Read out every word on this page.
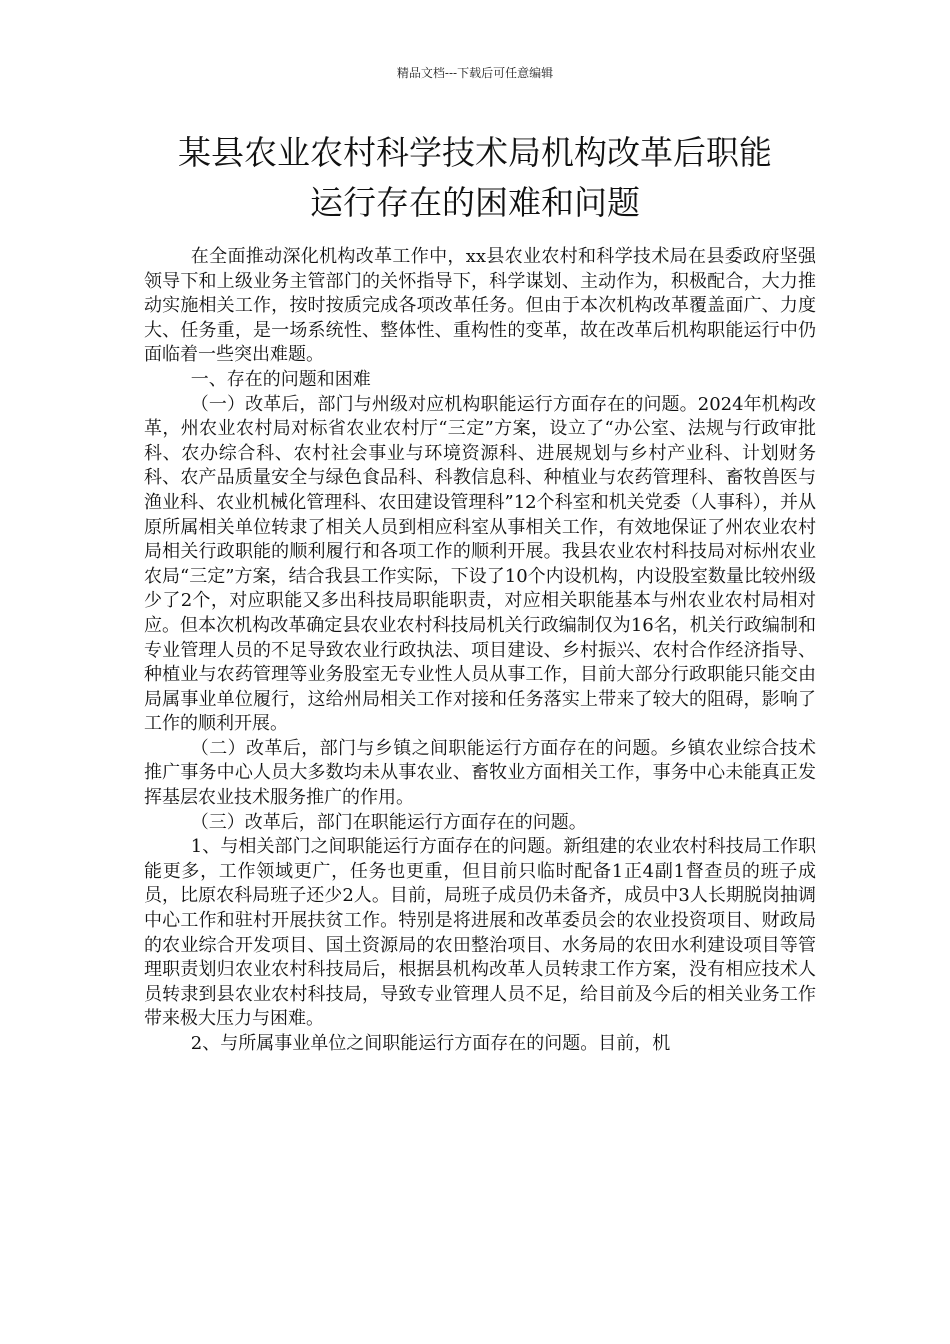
精品文档---下载后可任意编辑
某县农业农村科学技术局机构改革后职能
运行存在的困难和问题

在全面推动深化机构改革工作中，xx县农业农村和科学技术局在县委政府坚强领导下和上级业务主管部门的关怀指导下，科学谋划、主动作为，积极配合，大力推动实施相关工作，按时按质完成各项改革任务。但由于本次机构改革覆盖面广、力度大、任务重，是一场系统性、整体性、重构性的变革，故在改革后机构职能运行中仍面临着一些突出难题。

一、存在的问题和困难

（一）改革后，部门与州级对应机构职能运行方面存在的问题。2024年机构改革，州农业农村局对标省农业农村厅“三定”方案，设立了“办公室、法规与行政审批科、农办综合科、农村社会事业与环境资源科、进展规划与乡村产业科、计划财务科、农产品质量安全与绿色食品科、科教信息科、种植业与农药管理科、畜牧兽医与渔业科、农业机械化管理科、农田建设管理科”12个科室和机关党委（人事科），并从原所属相关单位转隶了相关人员到相应科室从事相关工作，有效地保证了州农业农村局相关行政职能的顺利履行和各项工作的顺利开展。我县农业农村科技局对标州农业农局“三定”方案，结合我县工作实际，下设了10个内设机构，内设股室数量比较州级少了2个，对应职能又多出科技局职能职责，对应相关职能基本与州农业农村局相对应。但本次机构改革确定县农业农村科技局机关行政编制仅为16名，机关行政编制和专业管理人员的不足导致农业行政执法、项目建设、乡村振兴、农村合作经济指导、种植业与农药管理等业务股室无专业性人员从事工作，目前大部分行政职能只能交由局属事业单位履行，这给州局相关工作对接和任务落实上带来了较大的阻碍，影响了工作的顺利开展。

（二）改革后，部门与乡镇之间职能运行方面存在的问题。乡镇农业综合技术推广事务中心人员大多数均未从事农业、畜牧业方面相关工作，事务中心未能真正发挥基层农业技术服务推广的作用。

（三）改革后，部门在职能运行方面存在的问题。

1、与相关部门之间职能运行方面存在的问题。新组建的农业农村科技局工作职能更多，工作领域更广，任务也更重，但目前只临时配备1正4副1督查员的班子成员，比原农科局班子还少2人。目前，局班子成员仍未备齐，成员中3人长期脱岗抽调中心工作和驻村开展扶贫工作。特别是将进展和改革委员会的农业投资项目、财政局的农业综合开发项目、国土资源局的农田整治项目、水务局的农田水利建设项目等管理职责划归农业农村科技局后，根据县机构改革人员转隶工作方案，没有相应技术人员转隶到县农业农村科技局，导致专业管理人员不足，给目前及今后的相关业务工作带来极大压力与困难。

2、与所属事业单位之间职能运行方面存在的问题。目前，机
